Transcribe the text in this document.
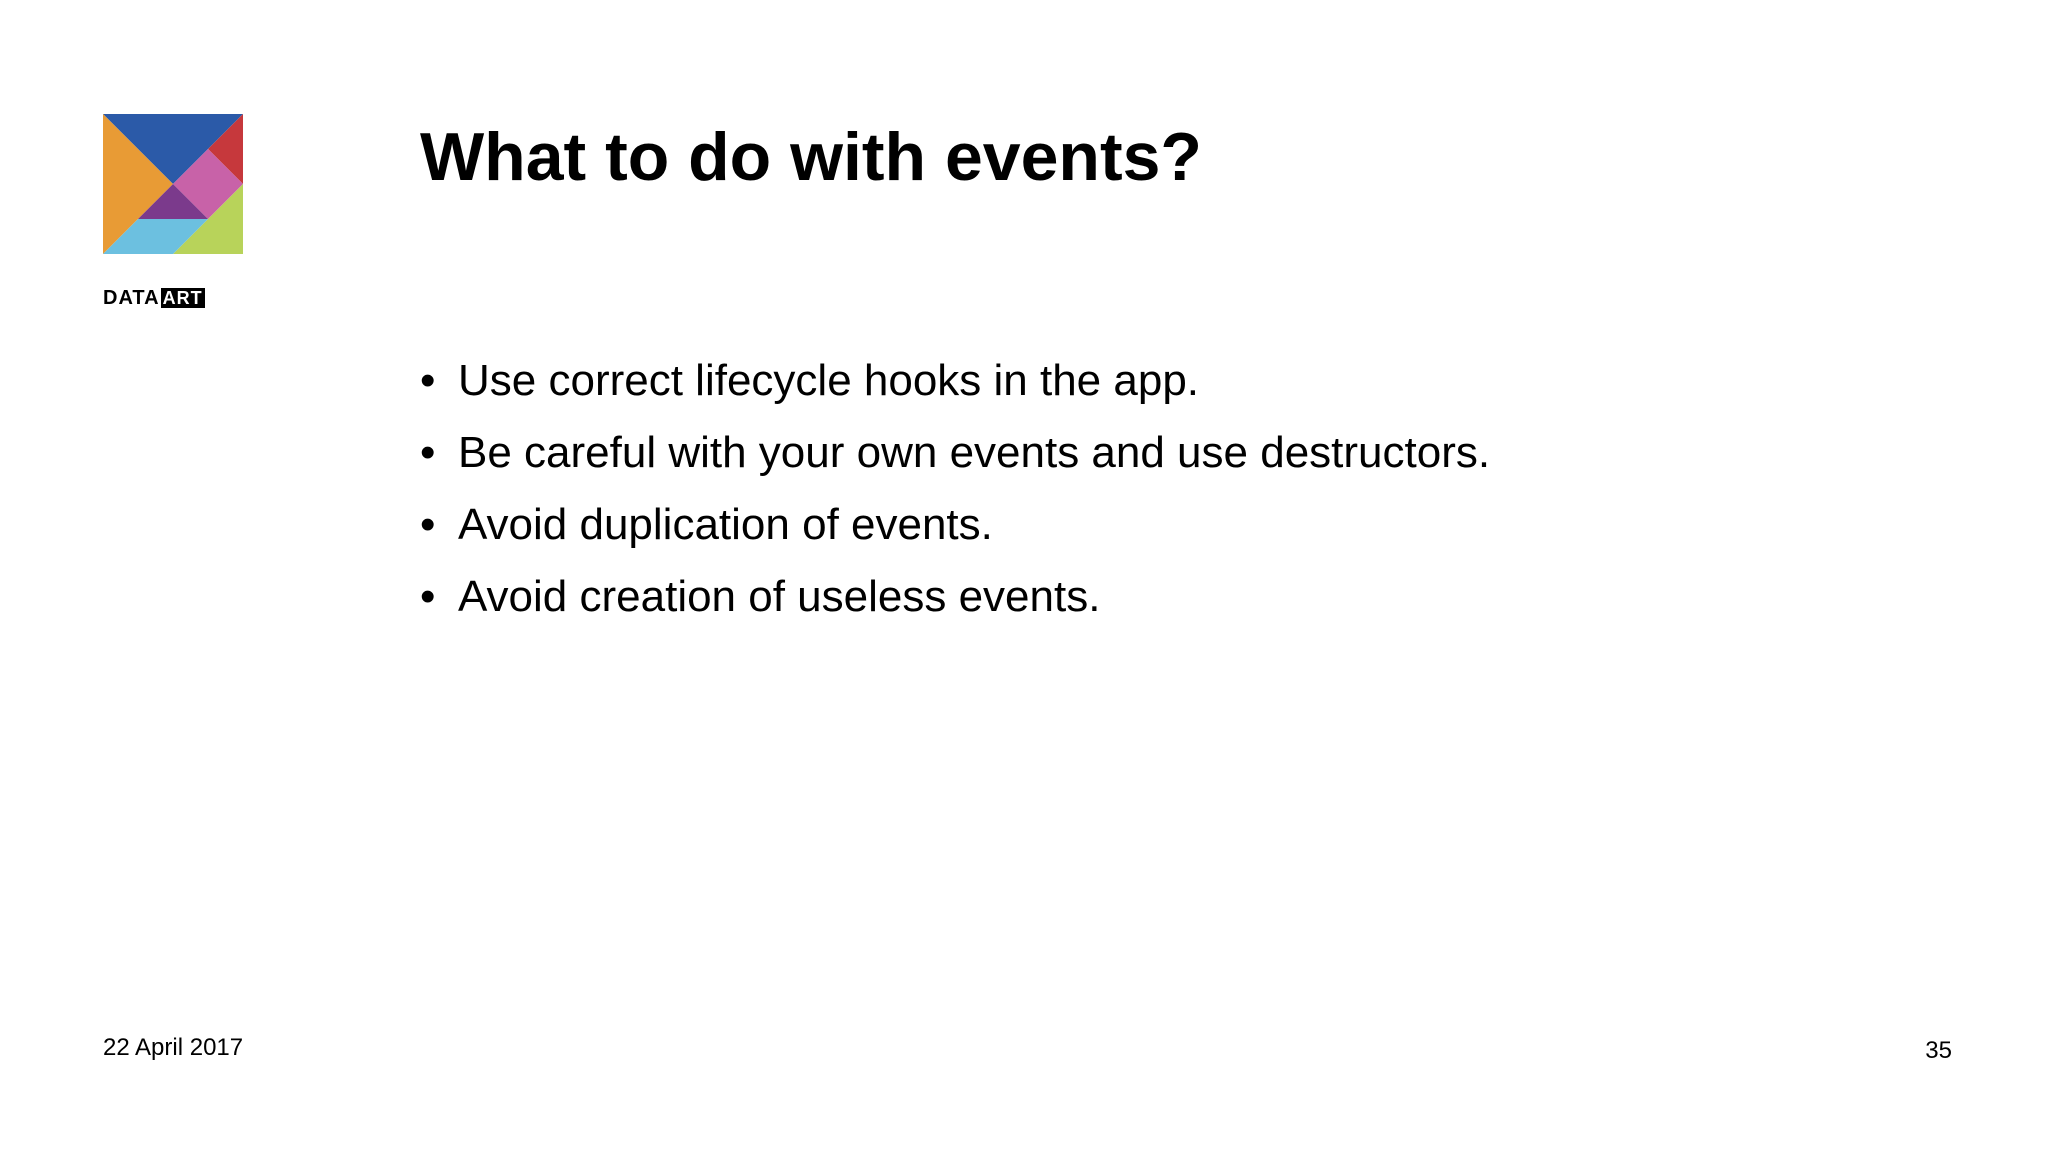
DATA ART
What to do with events?
• Use correct lifecycle hooks in the app.
• Be careful with your own events and use destructors.
• Avoid duplication of events.
• Avoid creation of useless events.
22 April 2017	35
